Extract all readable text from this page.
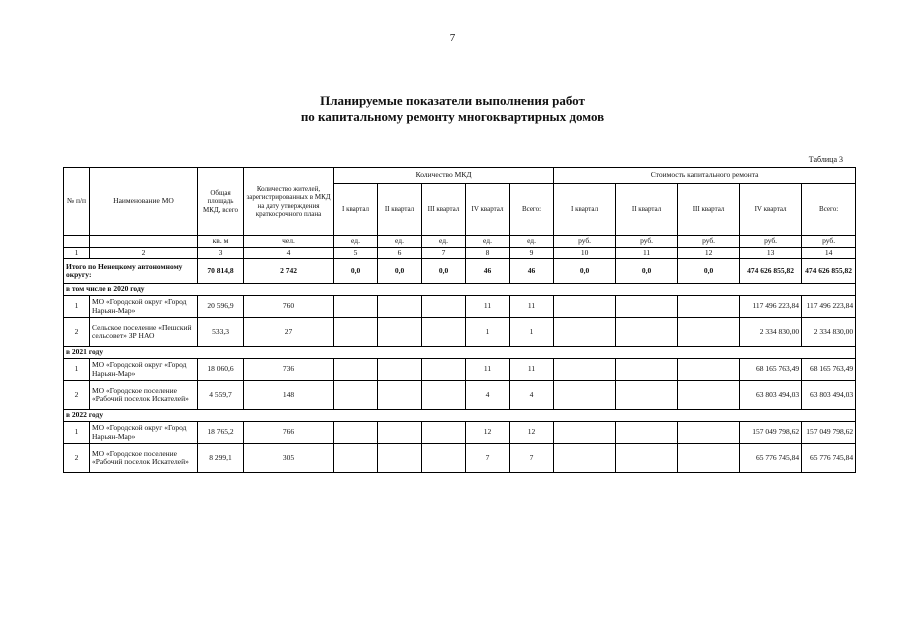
7
Планируемые показатели выполнения работ
по капитальному ремонту многоквартирных домов
Таблица 3
№ п/п	Наименование МО	Общая площадь МКД, всего	Количество жителей, зарегистрированных в МКД на дату утверждения краткосрочного плана	Количество МКД					Стоимость капитального ремонта				
				I квартал	II квартал	III квартал	IV квартал	Всего:	I квартал	II квартал	III квартал	IV квартал	Всего:
		кв. м	чел.	ед.	ед.	ед.	ед.	ед.	руб.	руб.	руб.	руб.	руб.
1	2	3	4	5	6	7	8	9	10	11	12	13	14
Итого по Ненецкому автономному округу:		70 814,8	2 742	0,0	0,0	0,0	46	46	0,0	0,0	0,0	474 626 855,82	474 626 855,82
в том числе в 2020 году													
1	МО «Городской округ «Город Нарьян-Мар»	20 596,9	760				11	11				117 496 223,84	117 496 223,84
2	Сельское поселение «Пешский сельсовет» ЗР НАО	533,3	27				1	1				2 334 830,00	2 334 830,00
в 2021 году													
1	МО «Городской округ «Город Нарьян-Мар»	18 060,6	736				11	11				68 165 763,49	68 165 763,49
2	МО «Городское поселение «Рабочий поселок Искателей»	4 559,7	148				4	4				63 803 494,03	63 803 494,03
в 2022 году													
1	МО «Городской округ «Город Нарьян-Мар»	18 765,2	766				12	12				157 049 798,62	157 049 798,62
2	МО «Городское поселение «Рабочий поселок Искателей»	8 299,1	305				7	7				65 776 745,84	65 776 745,84
